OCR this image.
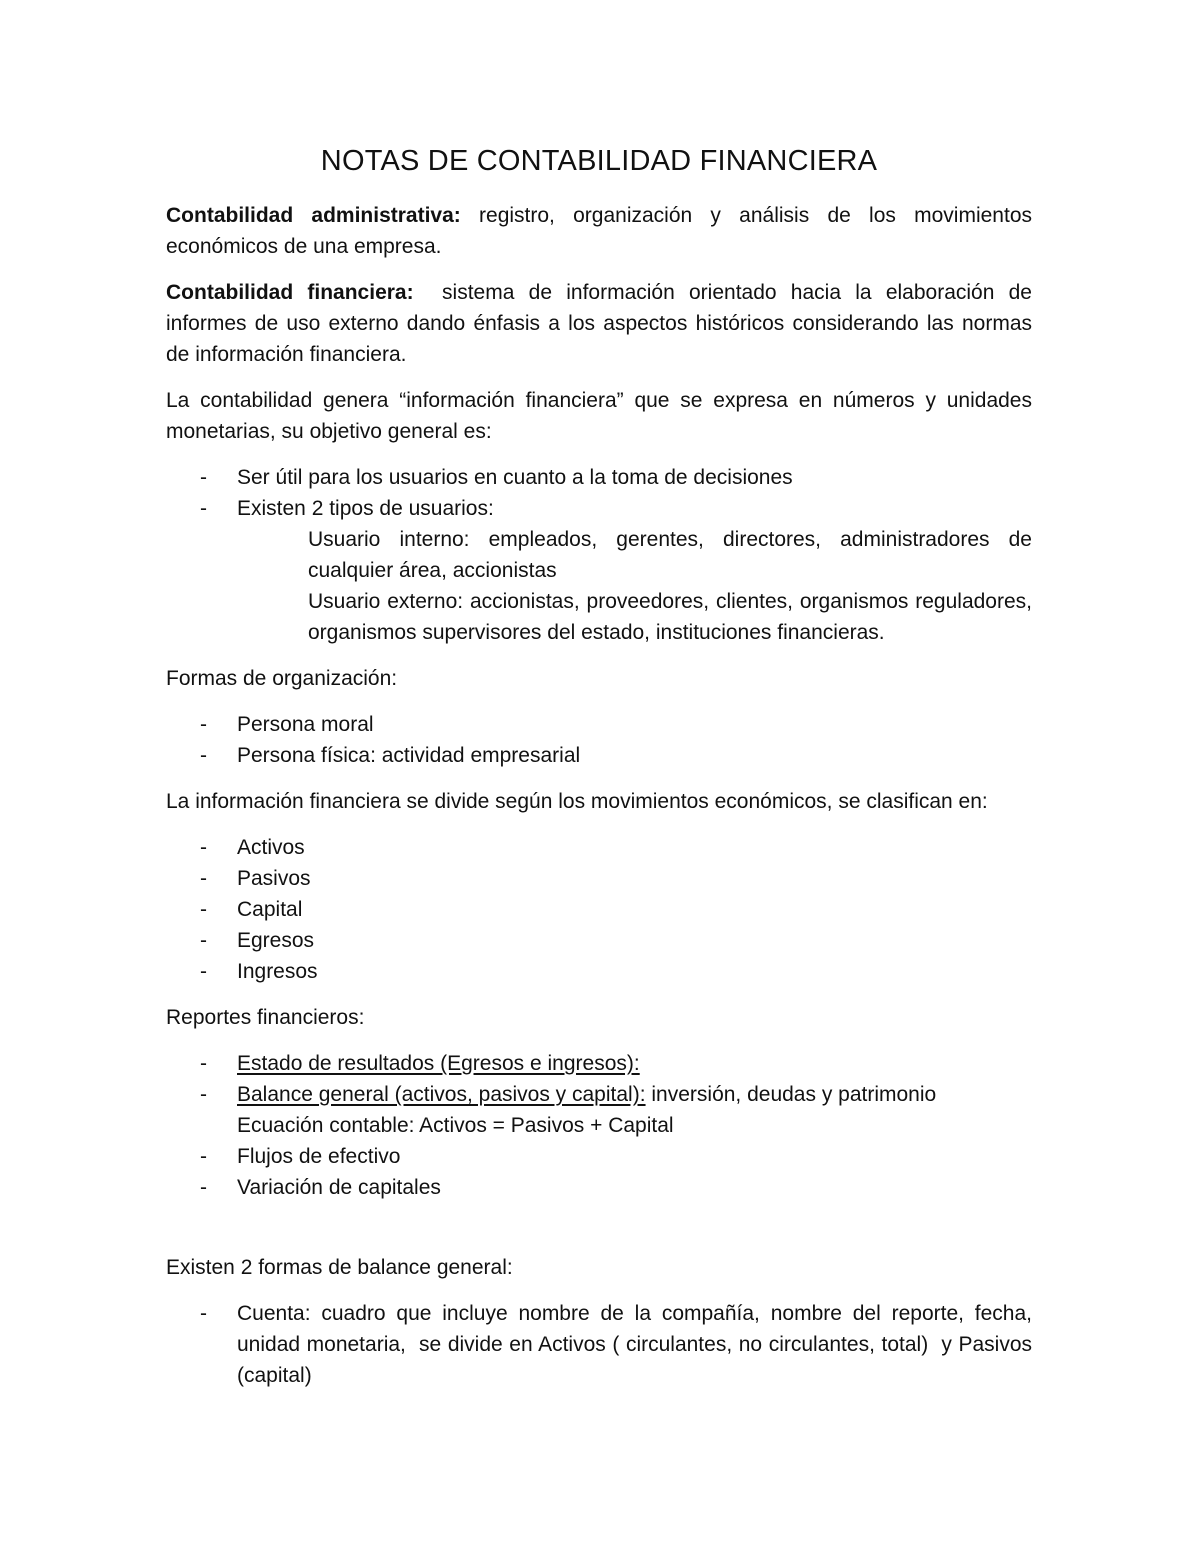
NOTAS DE CONTABILIDAD FINANCIERA

Contabilidad administrativa: registro, organización y análisis de los movimientos económicos de una empresa.

Contabilidad financiera:  sistema de información orientado hacia la elaboración de informes de uso externo dando énfasis a los aspectos históricos considerando las normas de información financiera.

La contabilidad genera “información financiera” que se expresa en números y unidades monetarias, su objetivo general es:

- Ser útil para los usuarios en cuanto a la toma de decisiones
- Existen 2 tipos de usuarios:
Usuario interno: empleados, gerentes, directores, administradores de cualquier área, accionistas
Usuario externo: accionistas, proveedores, clientes, organismos reguladores, organismos supervisores del estado, instituciones financieras.

Formas de organización:

- Persona moral
- Persona física: actividad empresarial

La información financiera se divide según los movimientos económicos, se clasifican en:

- Activos
- Pasivos
- Capital
- Egresos
- Ingresos

Reportes financieros:

- Estado de resultados (Egresos e ingresos):
- Balance general (activos, pasivos y capital): inversión, deudas y patrimonio
Ecuación contable: Activos = Pasivos + Capital
- Flujos de efectivo
- Variación de capitales

Existen 2 formas de balance general:

- Cuenta: cuadro que incluye nombre de la compañía, nombre del reporte, fecha, unidad monetaria,  se divide en Activos ( circulantes, no circulantes, total)  y Pasivos (capital)
